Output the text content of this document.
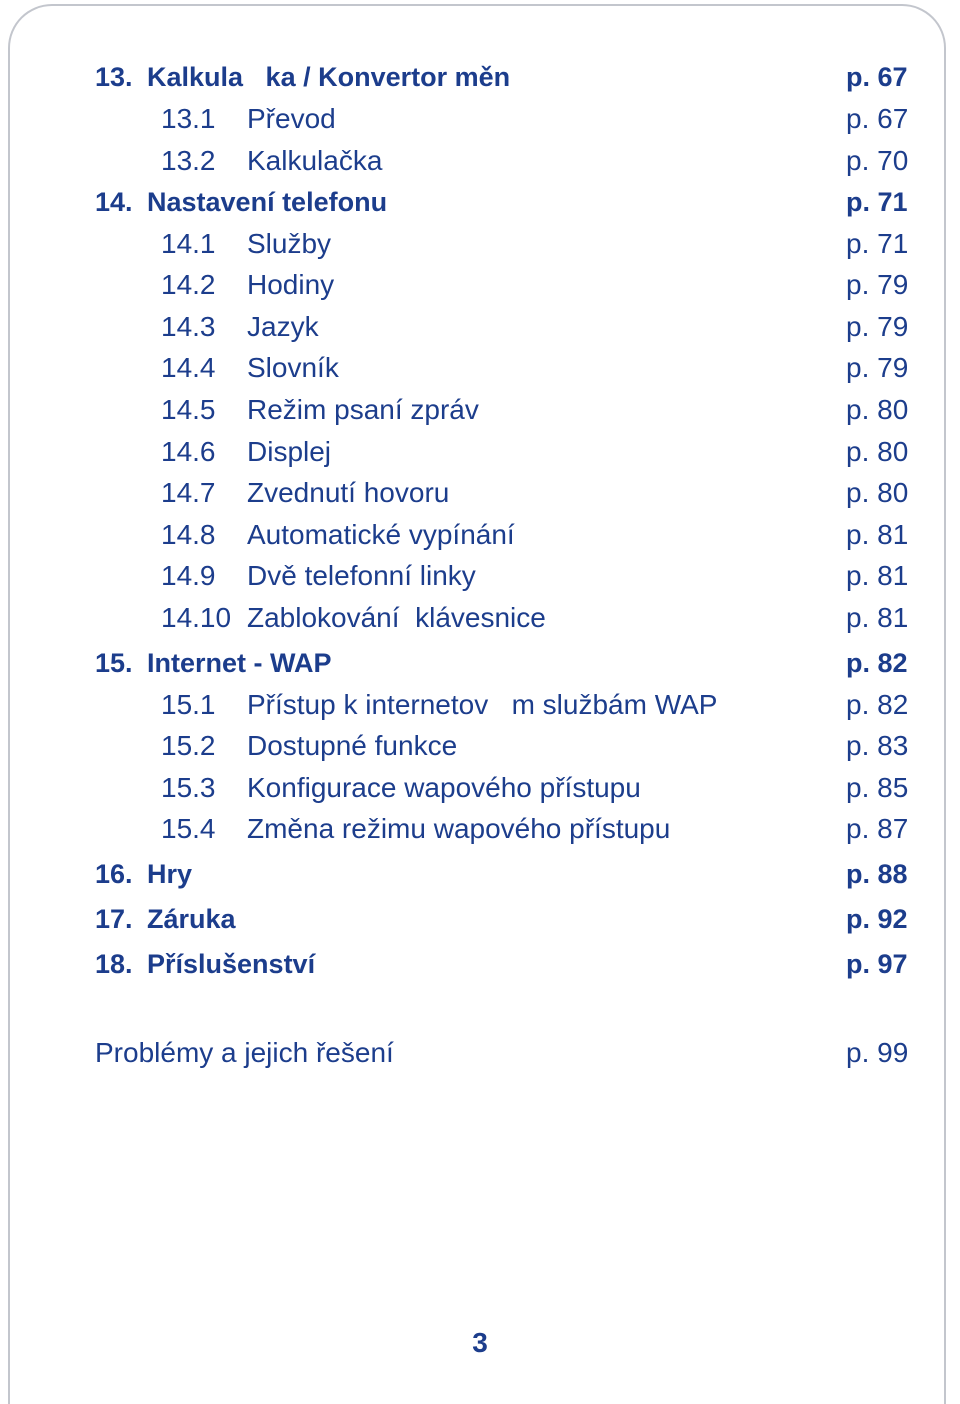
13. Kalkula   ka / Konvertor měn	p. 67
13.1 Převod	p. 67
13.2 Kalkulačka	p. 70
14. Nastavení telefonu	p. 71
14.1 Služby	p. 71
14.2 Hodiny	p. 79
14.3 Jazyk	p. 79
14.4 Slovník	p. 79
14.5 Režim psaní zpráv	p. 80
14.6 Displej	p. 80
14.7 Zvednutí hovoru	p. 80
14.8 Automatické vypínání	p. 81
14.9 Dvě telefonní linky	p. 81
14.10 Zablokování  klávesnice	p. 81
15. Internet - WAP	p. 82
15.1 Přístup k internetov   m službám WAP	p. 82
15.2 Dostupné funkce	p. 83
15.3 Konfigurace wapového přístupu	p. 85
15.4 Změna režimu wapového přístupu	p. 87
16. Hry	p. 88
17. Záruka	p. 92
18. Příslušenství	p. 97
Problémy a jejich řešení	p. 99
3
